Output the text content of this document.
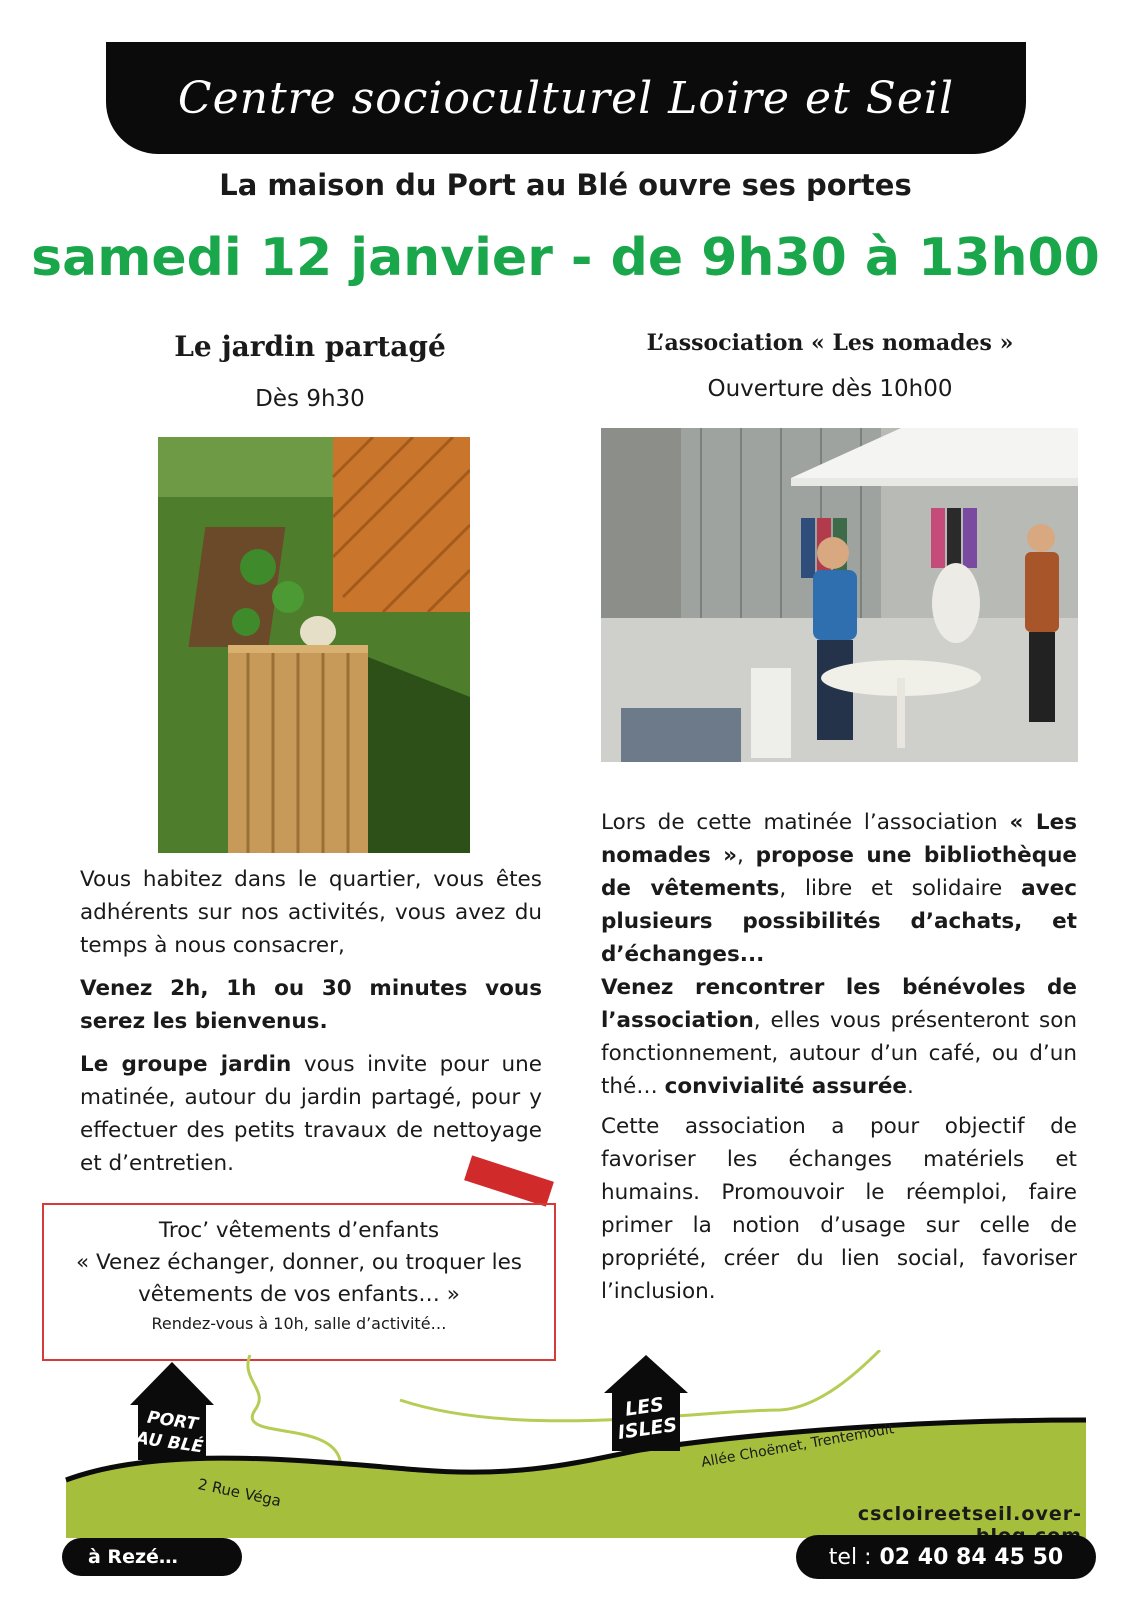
Centre socioculturel Loire et Seil
La maison du Port au Blé ouvre ses portes
samedi 12 janvier - de 9h30 à 13h00
Le jardin partagé
Dès 9h30

Vous habitez dans le quartier, vous êtes adhérents sur nos activités, vous avez du temps à nous consacrer,

Venez 2h, 1h ou 30 minutes vous serez les bienvenus.

Le groupe jardin vous invite pour une matinée, autour du jardin partagé, pour y effectuer des petits travaux de nettoyage et d’entretien.

Troc’ vêtements d’enfants
« Venez échanger, donner, ou troquer les vêtements de vos enfants… »
Rendez-vous à 10h, salle d’activité…
L’association « Les nomades »
Ouverture dès 10h00

Lors de cette matinée l’association « Les nomades », propose une bibliothèque de vêtements, libre et solidaire avec plusieurs possibilités d’achats, et d’échanges...
Venez rencontrer les bénévoles de l’association, elles vous présenteront son fonctionnement, autour d’un café, ou d’un thé… convivialité assurée.

Cette association a pour objectif de favoriser les échanges matériels et humains. Promouvoir le réemploi, faire primer la notion d’usage sur celle de propriété, créer du lien social, favoriser l’inclusion.

PORT AU BLÉ
LES ISLES
2 Rue Véga
Allée Choëmet, Trentemoult
cscloireetseil.over-
à Rezé…	tel : 02 40 84 45 50
